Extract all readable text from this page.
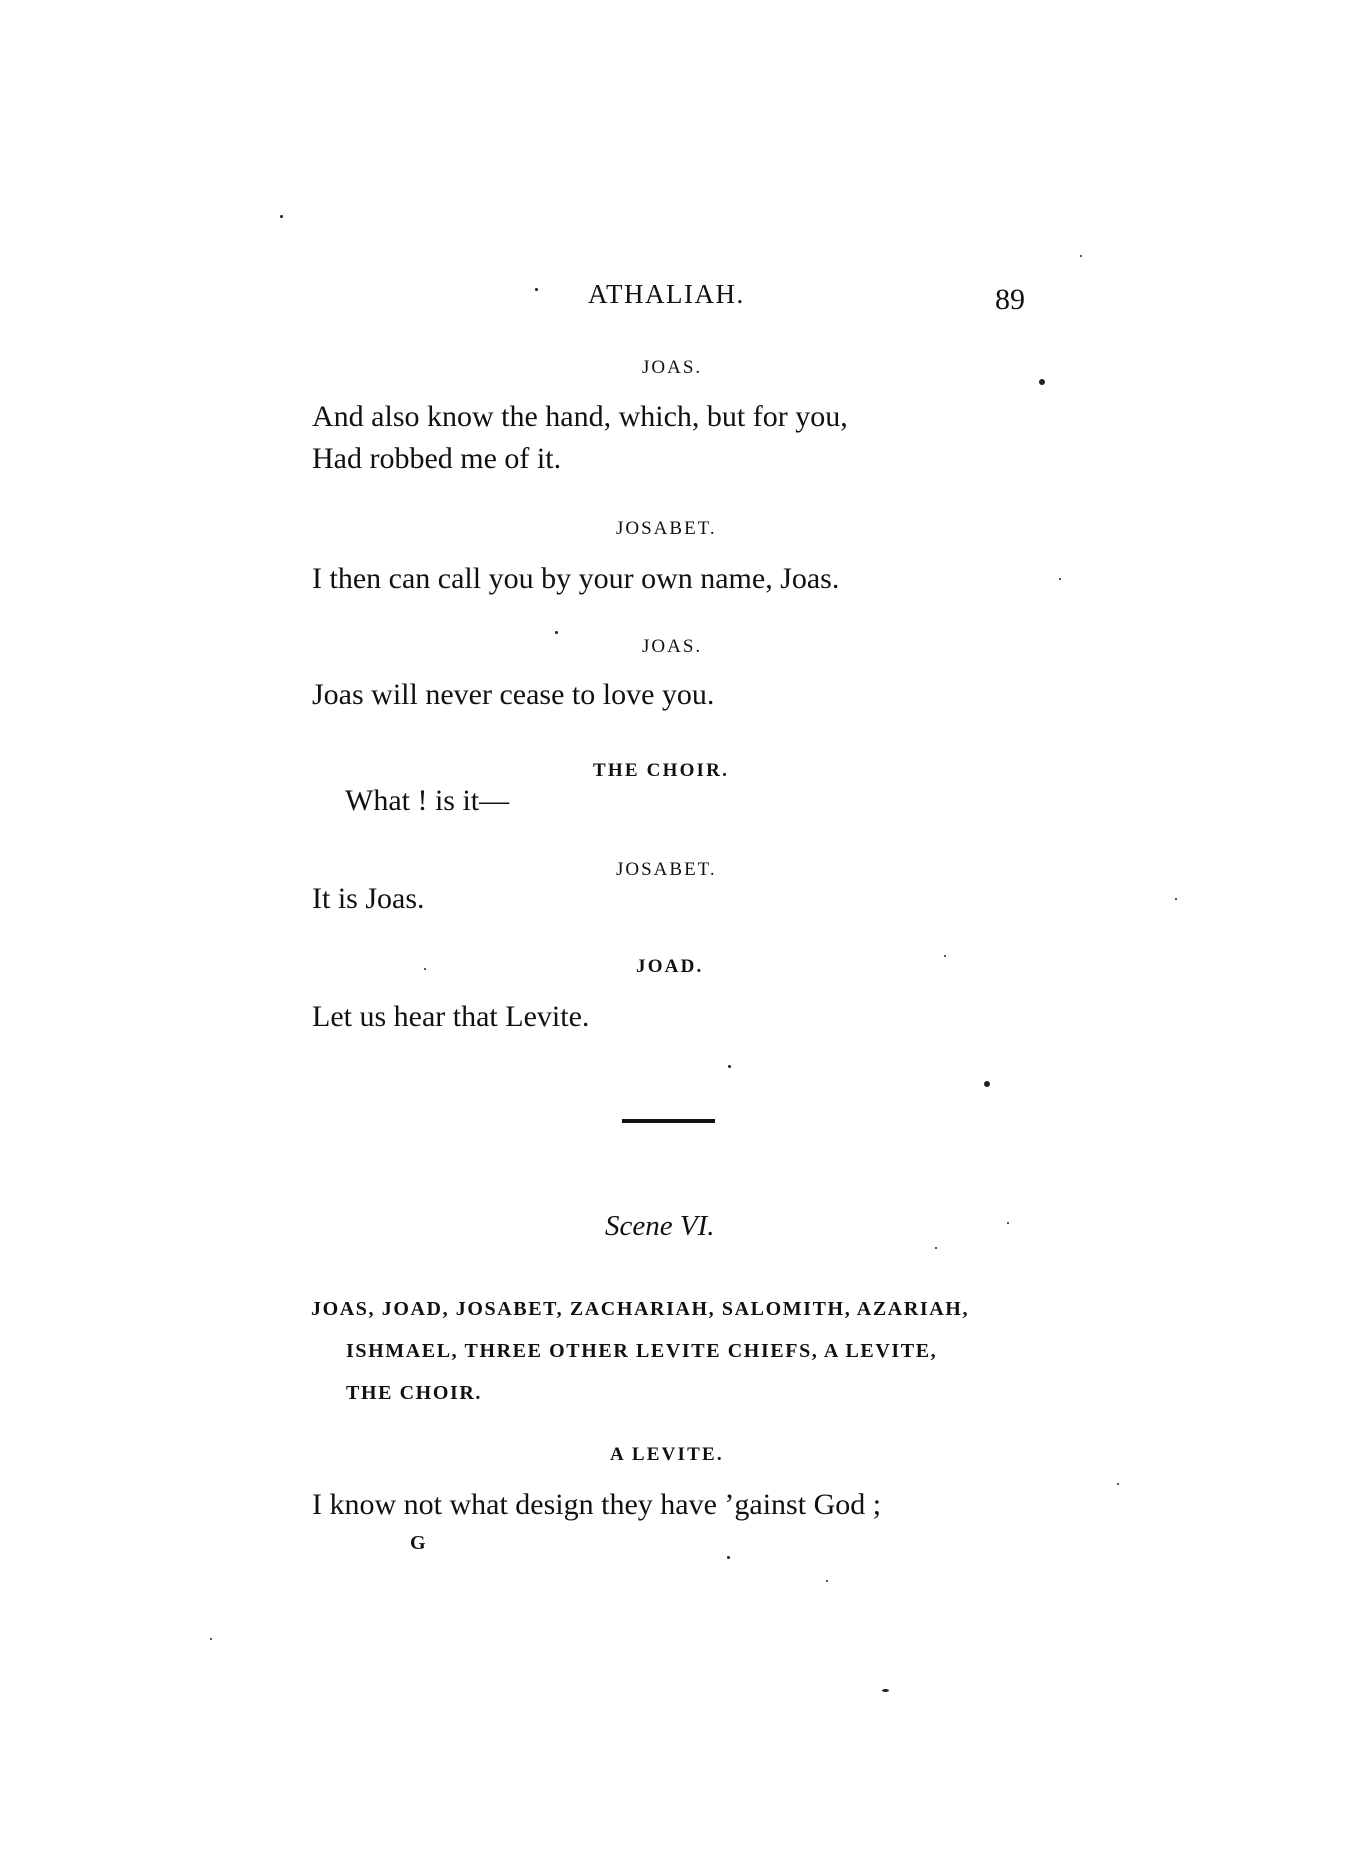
ATHALIAH.	89
JOAS.
And also know the hand, which, but for you,
Had robbed me of it.
JOSABET.
I then can call you by your own name, Joas.
JOAS.
Joas will never cease to love you.
THE CHOIR.
What ! is it—
JOSABET.
It is Joas.
JOAD.
Let us hear that Levite.
Scene VI.
JOAS, JOAD, JOSABET, ZACHARIAH, SALOMITH, AZARIAH,
ISHMAEL, THREE OTHER LEVITE CHIEFS, A LEVITE,
THE CHOIR.
A LEVITE.
I know not what design they have ’gainst God ;
G
